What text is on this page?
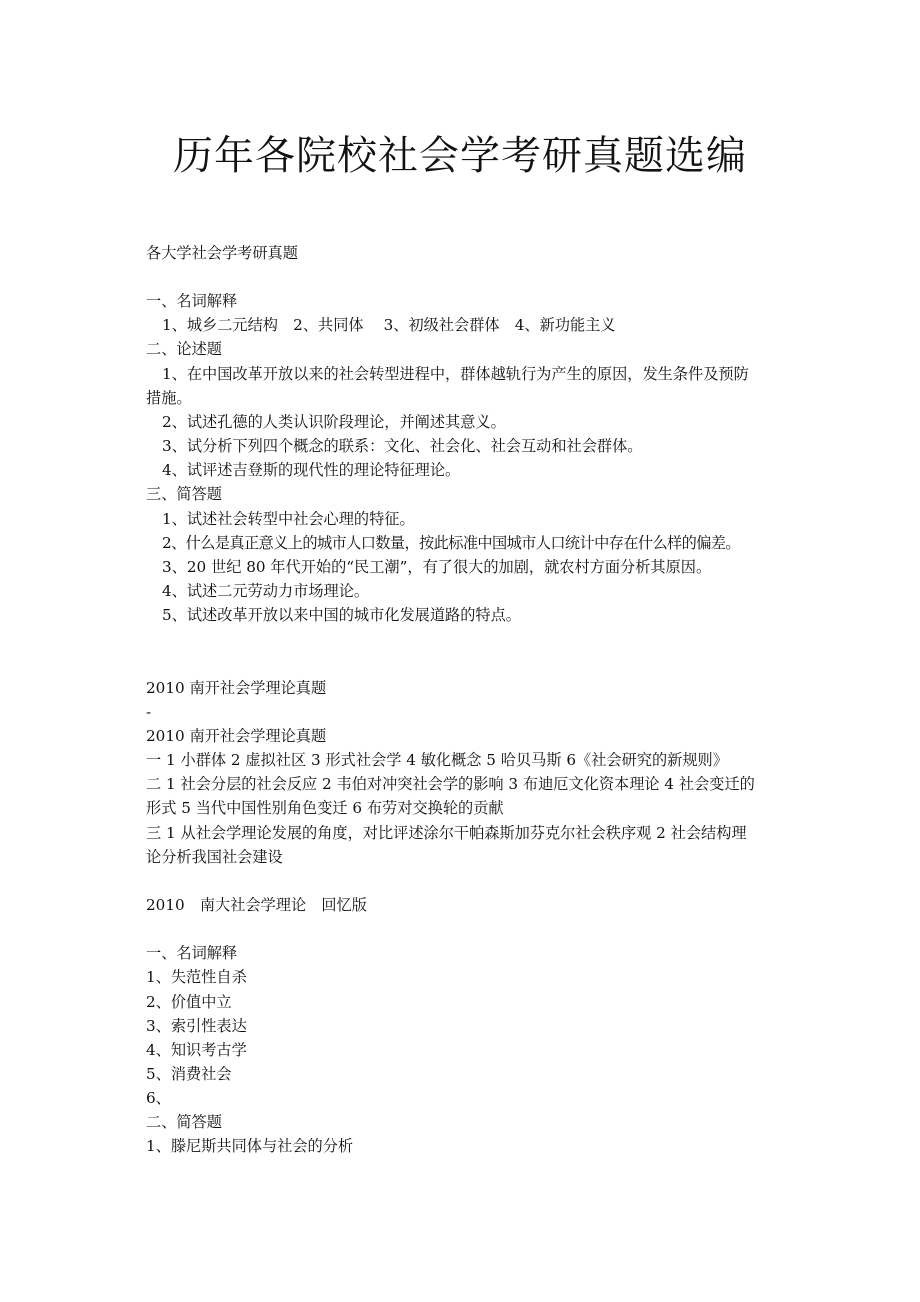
历年各院校社会学考研真题选编

各大学社会学考研真题

一、名词解释

1、城乡二元结构　2、共同体　 3、初级社会群体　4、新功能主义

二、论述题

1、在中国改革开放以来的社会转型进程中，群体越轨行为产生的原因，发生条件及预防

措施。

2、试述孔德的人类认识阶段理论，并阐述其意义。

3、试分析下列四个概念的联系：文化、社会化、社会互动和社会群体。

4、试评述吉登斯的现代性的理论特征理论。

三、简答题

1、试述社会转型中社会心理的特征。

2、什么是真正意义上的城市人口数量，按此标准中国城市人口统计中存在什么样的偏差。

3、20 世纪 80 年代开始的“民工潮”，有了很大的加剧，就农村方面分析其原因。

4、试述二元劳动力市场理论。

5、试述改革开放以来中国的城市化发展道路的特点。

2010 南开社会学理论真题

-

2010 南开社会学理论真题

一 1 小群体 2 虚拟社区 3 形式社会学 4 敏化概念 5 哈贝马斯 6《社会研究的新规则》

二 1 社会分层的社会反应 2 韦伯对冲突社会学的影响 3 布迪厄文化资本理论 4 社会变迁的

形式 5 当代中国性别角色变迁 6 布劳对交换轮的贡献

三 1 从社会学理论发展的角度，对比评述涂尔干帕森斯加芬克尔社会秩序观 2 社会结构理

论分析我国社会建设

2010　南大社会学理论　回忆版

一、名词解释

1、失范性自杀

2、价值中立

3、索引性表达

4、知识考古学

5、消费社会

6、

二、简答题

1、滕尼斯共同体与社会的分析
